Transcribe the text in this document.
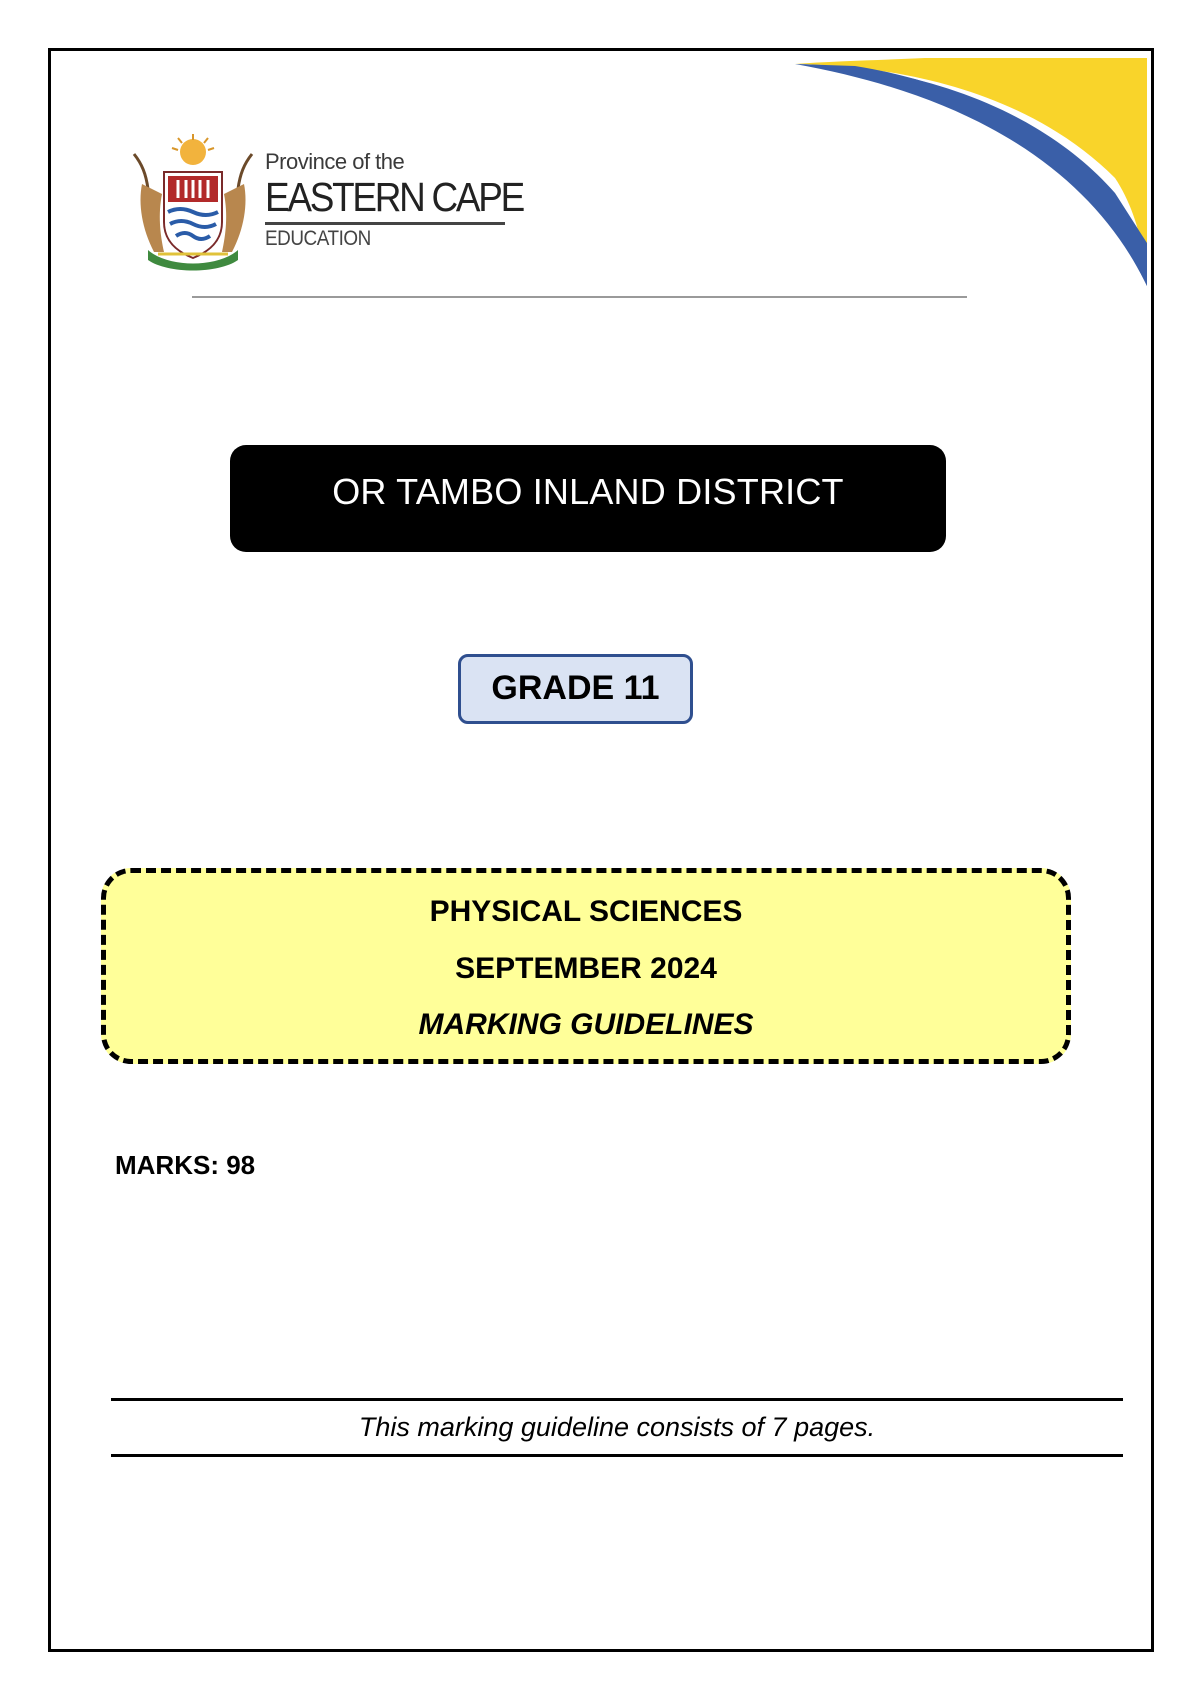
Province of the
EASTERN CAPE
EDUCATION
OR TAMBO INLAND DISTRICT
GRADE 11
PHYSICAL SCIENCES
SEPTEMBER 2024
MARKING GUIDELINES
MARKS: 98
This marking guideline consists of 7 pages.
